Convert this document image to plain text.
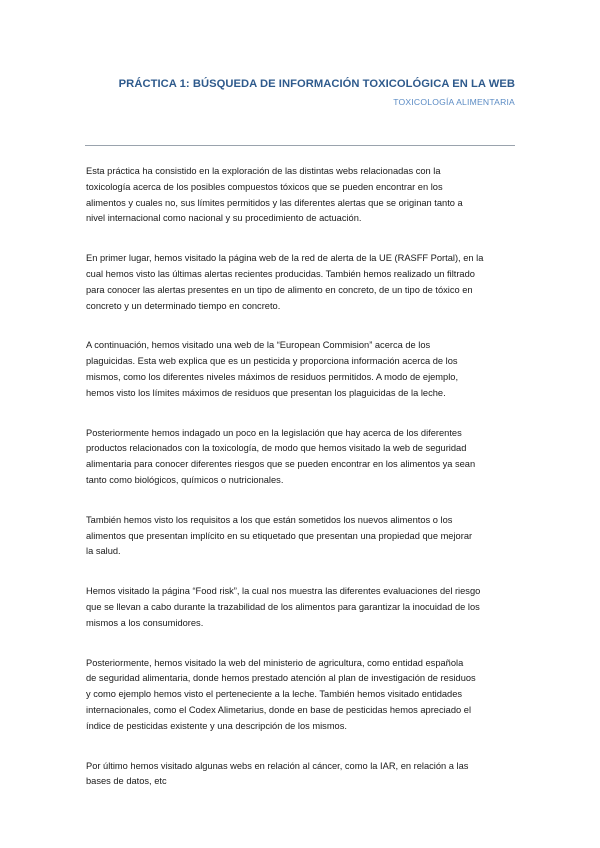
PRÁCTICA 1: BÚSQUEDA DE INFORMACIÓN TOXICOLÓGICA EN LA WEB
TOXICOLOGÍA ALIMENTARIA

Esta práctica ha consistido en la exploración de las distintas webs relacionadas con la
toxicología acerca de los posibles compuestos tóxicos que se pueden encontrar en los
alimentos y cuales no, sus límites permitidos y las diferentes alertas que se originan tanto a
nivel internacional como nacional y su procedimiento de actuación.

En primer lugar, hemos visitado la página web de la red de alerta de la UE (RASFF Portal), en la
cual hemos visto las últimas alertas recientes producidas. También hemos realizado un filtrado
para conocer las alertas presentes en un tipo de alimento en concreto, de un tipo de tóxico en
concreto y un determinado tiempo en concreto.

A continuación, hemos visitado una web de la “European Commision” acerca de los
plaguicidas. Esta web explica que es un pesticida y proporciona información acerca de los
mismos, como los diferentes niveles máximos de residuos permitidos. A modo de ejemplo,
hemos visto los límites máximos de residuos que presentan los plaguicidas de la leche.

Posteriormente hemos indagado un poco en la legislación que hay acerca de los diferentes
productos relacionados con la toxicología, de modo que hemos visitado la web de seguridad
alimentaria para conocer diferentes riesgos que se pueden encontrar en los alimentos ya sean
tanto como biológicos, químicos o nutricionales.

También hemos visto los requisitos a los que están sometidos los nuevos alimentos o los
alimentos que presentan implícito en su etiquetado que presentan una propiedad que mejorar
la salud.

Hemos visitado la página “Food risk”, la cual nos muestra las diferentes evaluaciones del riesgo
que se llevan a cabo durante la trazabilidad de los alimentos para garantizar la inocuidad de los
mismos a los consumidores.

Posteriormente, hemos visitado la web del ministerio de agricultura, como entidad española
de seguridad alimentaria, donde hemos prestado atención al plan de investigación de residuos
y como ejemplo hemos visto el perteneciente a la leche. También hemos visitado entidades
internacionales, como el Codex Alimetarius, donde en base de pesticidas hemos apreciado el
índice de pesticidas existente y una descripción de los mismos.

Por último hemos visitado algunas webs en relación al cáncer, como la IAR, en relación a las
bases de datos, etc
